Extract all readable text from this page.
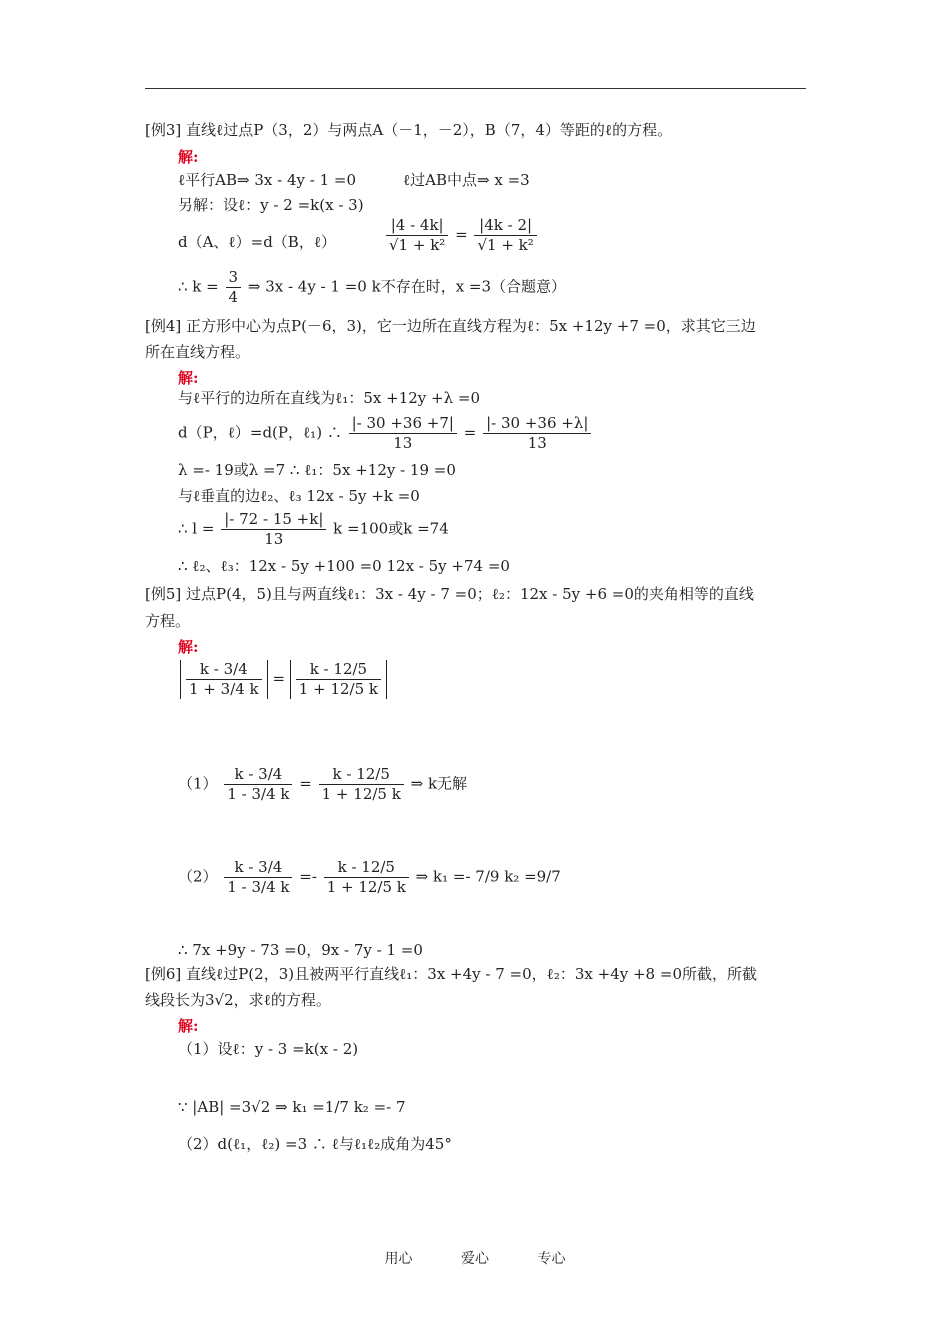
[例3] 直线ℓ过点P（3，2）与两点A（－1，－2），B（7，4）等距的ℓ的方程。
解:
ℓ平行AB⇒ 3x - 4y - 1 =0	ℓ过AB中点⇒ x =3
另解：设ℓ：y - 2 =k(x - 3)
d（A、ℓ）=d（B，ℓ）	$\frac{|4 - 4k|}{\text{√1 + k²}} = \frac{|4k - 2|}{\text{√1 + k²}}$
∴ $k = \frac{3}{4}$ ⇒ 3x - 4y - 1 =0 k不存在时，x =3（合题意）
[例4] 正方形中心为点P(－6，3)，它一边所在直线方程为ℓ：5x +12y +7 =0，求其它三边
所在直线方程。
解:
与ℓ平行的边所在直线为ℓ₁：5x +12y +λ =0
d（P，ℓ）=d(P，ℓ₁) ∴ $\frac{|- 30 +36 +7|}{13} = \frac{|- 30 +36 +\lambda|}{13}$
λ =- 19或λ =7 ∴ ℓ₁：5x +12y - 19 =0
与ℓ垂直的边ℓ₂、ℓ₃ 12x - 5y +k =0
∴ $l = \frac{|- 72 - 15 +k|}{13}$ k =100或k =74
∴ ℓ₂、ℓ₃：12x - 5y +100 =0 12x - 5y +74 =0
[例5] 过点P(4，5)且与两直线ℓ₁：3x - 4y - 7 =0；ℓ₂：12x - 5y +6 =0的夹角相等的直线
方程。
解:
$\frac{k - 3/4}{1 + 3/4 k} = \frac{k - 12/5}{1 + 12/5 k}$
$(1) \frac{k - 3/4}{1 - 3/4 k} = \frac{k - 12/5}{1 + 12/5 k}$ ⇒ k无解
$(2) \frac{k - 3/4}{1 - 3/4 k} =- \frac{k - 12/5}{1 + 12/5 k}$ ⇒ k₁ =- 7/9 k₂ =9/7
∴ 7x +9y - 73 =0，9x - 7y - 1 =0
[例6] 直线ℓ过P(2，3)且被两平行直线ℓ₁：3x +4y - 7 =0，ℓ₂：3x +4y +8 =0所截，所截
线段长为3√2，求ℓ的方程。
解:
（1）设ℓ：y - 3 =k(x - 2)
∵ |AB| =3√2 ⇒ k₁ =1/7 k₂ =- 7
（2）d(ℓ₁，ℓ₂) =3 ∴ ℓ与ℓ₁ℓ₂成角为45°
用心	爱心	专心
